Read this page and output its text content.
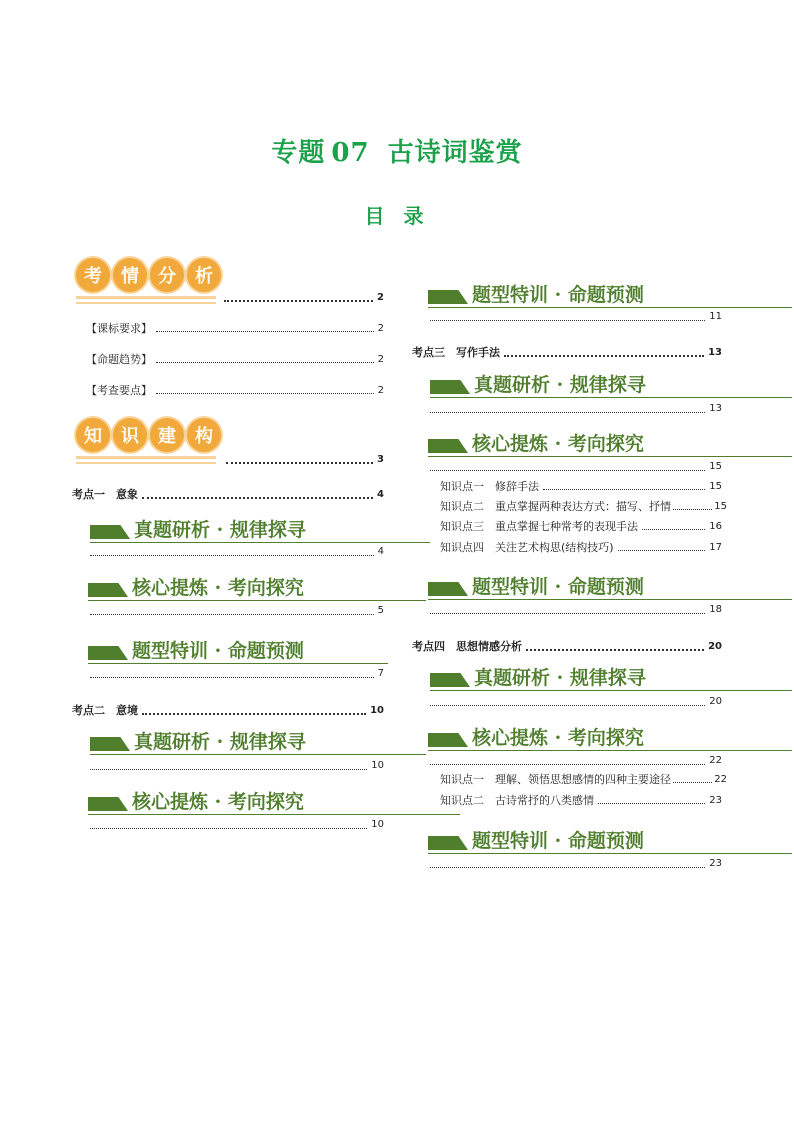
专题 07 古诗词鉴赏
目 录
考	情	分	析
2
【课标要求】	2
【命题趋势】	2
【考查要点】	2
知	识	建	构
3
考点一　意象	4
真题研析 · 规律探寻
4
核心提炼 · 考向探究
5
题型特训 · 命题预测
7
考点二　意境	10
真题研析 · 规律探寻
10
核心提炼 · 考向探究
10
题型特训 · 命题预测
11
考点三　写作手法	13
真题研析 · 规律探寻
13
核心提炼 · 考向探究
15
知识点一　修辞手法	15
知识点二　重点掌握两种表达方式：描写、抒情	15
知识点三　重点掌握七种常考的表现手法	16
知识点四　关注艺术构思(结构技巧)	17
题型特训 · 命题预测
18
考点四　思想情感分析	20
真题研析 · 规律探寻
20
核心提炼 · 考向探究
22
知识点一　理解、领悟思想感情的四种主要途径	22
知识点二　古诗常抒的八类感情	23
题型特训 · 命题预测
23
